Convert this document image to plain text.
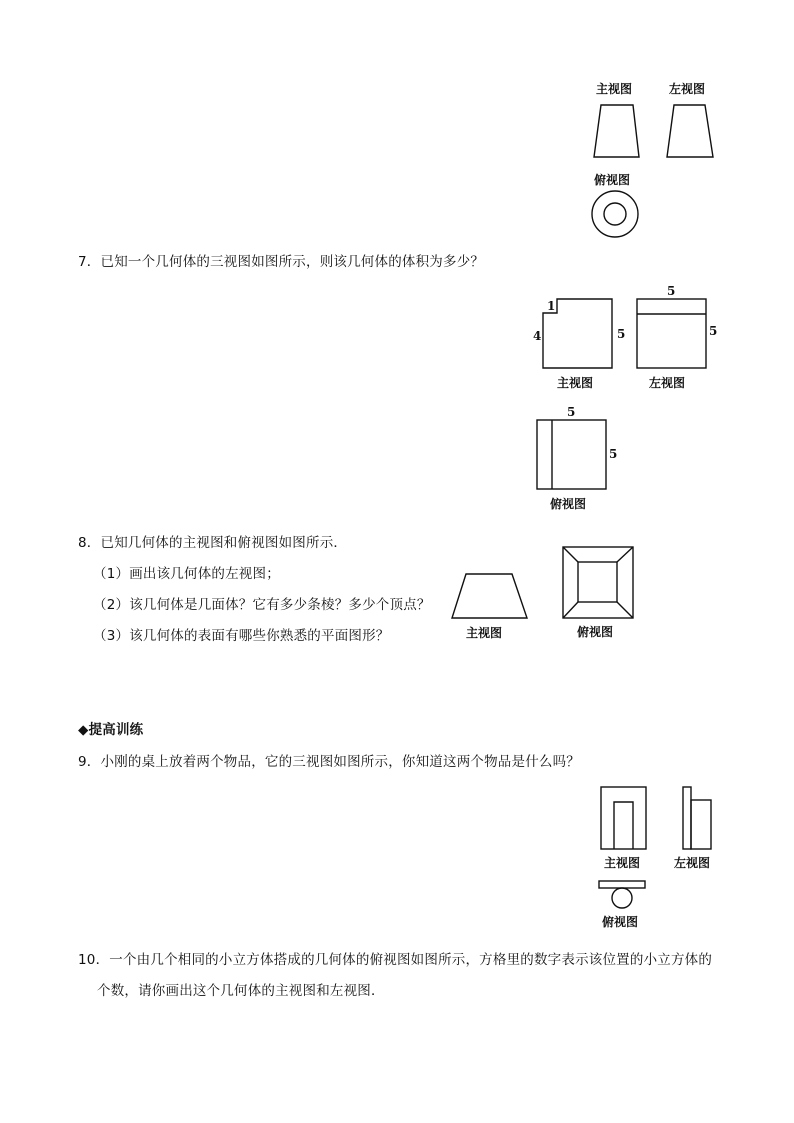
主视图	左视图
俯视图
7．已知一个几何体的三视图如图所示，则该几何体的体积为多少？
1
4	5
主视图
5
5
左视图
5
5
俯视图
8．已知几何体的主视图和俯视图如图所示．
（1）画出该几何体的左视图；
（2）该几何体是几面体？它有多少条棱？多少个顶点？
（3）该几何体的表面有哪些你熟悉的平面图形？	主视图	俯视图
◆提高训练
9．小刚的桌上放着两个物品，它的三视图如图所示，你知道这两个物品是什么吗？
主视图	左视图
俯视图
10．一个由几个相同的小立方体搭成的几何体的俯视图如图所示，方格里的数字表示该位置的小立方体的
个数，请你画出这个几何体的主视图和左视图．
